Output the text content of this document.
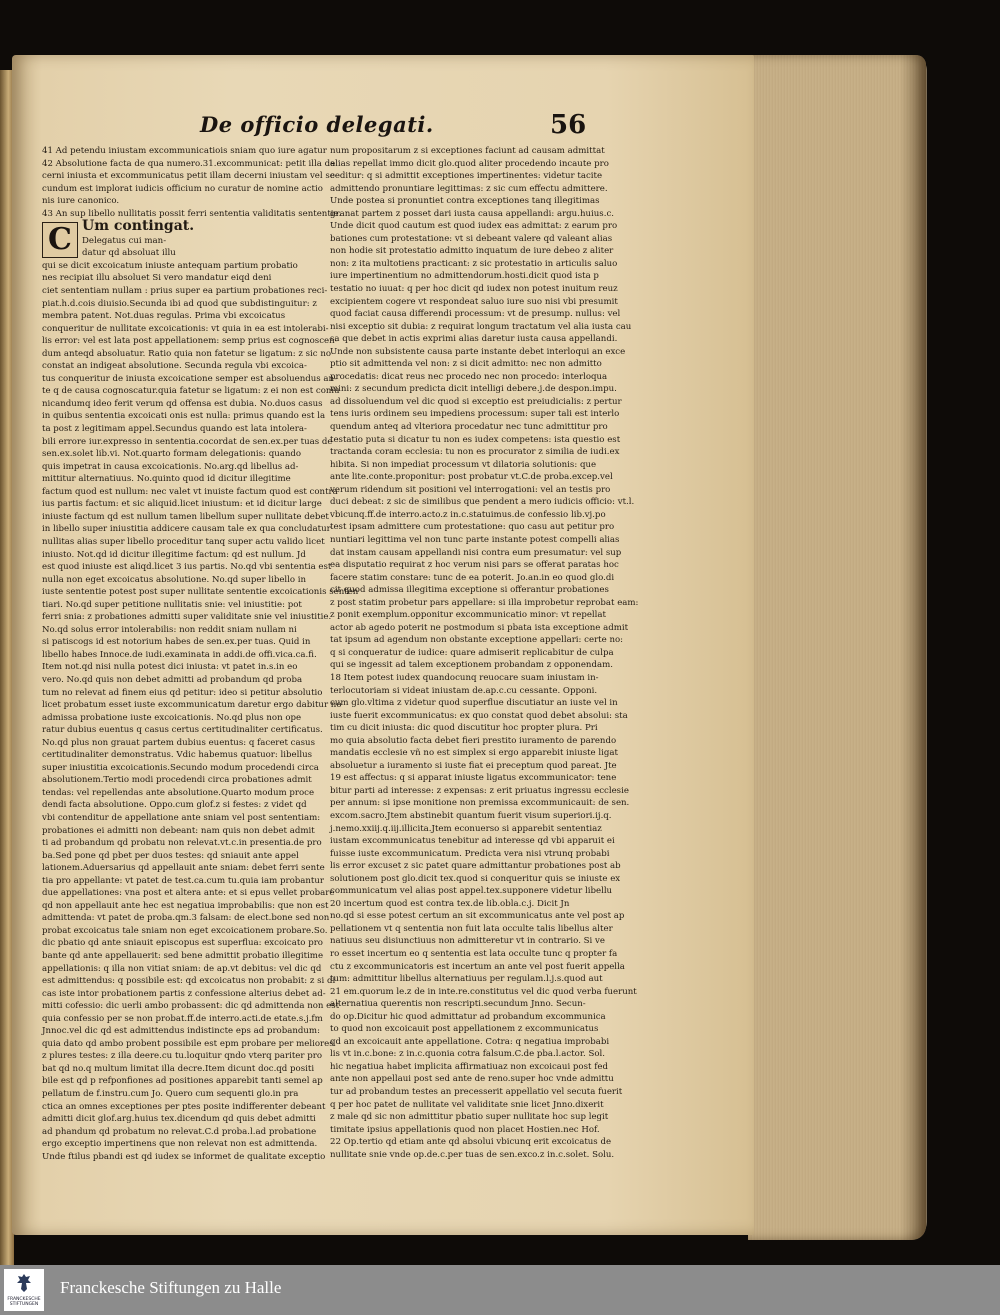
De officio delegati.	56
41 Ad petendu iniustam excommunicatiois sniam quo iure agatur
42 Absolutione facta de qua numero.31.excommunicat: petit illa de
cerni iniusta et excommunicatus petit illam decerni iniustam vel se-
cundum est implorat iudicis officium no curatur de nomine actio
nis iure canonico.
43 An sup libello nullitatis possit ferri sententia validitatis sententie.
C Um contingat.
Delegatus cui man-
datur qd absoluat illu
qui se dicit excoicatum iniuste antequam partium probatio
nes recipiat illu absoluet Si vero mandatur eiqd deni
ciet sententiam nullam : prius super ea partium probationes reci-
piat.h.d.cois diuisio.Secunda ibi ad quod que subdistinguitur: z
membra patent. Not.duas regulas. Prima vbi excoicatus
conqueritur de nullitate excoicationis: vt quia in ea est intolerabi-
lis error: vel est lata post appellationem: semp prius est cognoscen-
dum anteqd absoluatur. Ratio quia non fatetur se ligatum: z sic no
constat an indigeat absolutione. Secunda regula vbi excoica-
tus conqueritur de iniusta excoicatione semper est absoluendus an-
te q de causa cognoscatur.quia fatetur se ligatum: z ei non est comu
nicandumq ideo ferit verum qd offensa est dubia. No.duos casus
in quibus sententia excoicati onis est nulla: primus quando est la
ta post z legitimam appel.Secundus quando est lata intolera-
bili errore iur.expresso in sententia.cocordat de sen.ex.per tuas de
sen.ex.solet lib.vi. Not.quarto formam delegationis: quando
quis impetrat in causa excoicationis. No.arg.qd libellus ad-
mittitur alternatiuus. No.quinto quod id dicitur illegitime
factum quod est nullum: nec valet vt inuiste factum quod est contra
ius partis factum: et sic aliquid.licet iniustum: et id dicitur large
iniuste factum qd est nullum tamen libellum super nullitate debet
in libello super iniustitia addicere causam tale ex qua concludatur
nullitas alias super libello proceditur tanq super actu valido licet
iniusto. Not.qd id dicitur illegitime factum: qd est nullum. Jd
est quod iniuste est aliqd.licet 3 ius partis. No.qd vbi sententia est
nulla non eget excoicatus absolutione. No.qd super libello in
iuste sententie potest post super nullitate sententie excoicationis senten
tiari. No.qd super petitione nullitatis snie: vel iniustitie: pot
ferri snia: z probationes admitti super validitate snie vel iniustitie.
No.qd solus error intolerabilis: non reddit sniam nullam ni
si patiscogs id est notorium habes de sen.ex.per tuas. Quid in
libello habes Innoce.de iudi.examinata in addi.de offi.vica.ca.fi.
Item not.qd nisi nulla potest dici iniusta: vt patet in.s.in eo
vero. No.qd quis non debet admitti ad probandum qd proba
tum no relevat ad finem eius qd petitur: ideo si petitur absolutio
licet probatum esset iuste excommunicatum daretur ergo dabitur no
admissa probatione iuste excoicationis. No.qd plus non ope
ratur dubius euentus q casus certus certitudinaliter certificatus.
No.qd plus non grauat partem dubius euentus: q faceret casus
certitudinaliter demonstratus. Vdic habemus quatuor: libellus
super iniustitia excoicationis.Secundo modum procedendi circa
absolutionem.Tertio modi procedendi circa probationes admit
tendas: vel repellendas ante absolutione.Quarto modum proce
dendi facta absolutione. Oppo.cum glof.z si festes: z videt qd
vbi contenditur de appellatione ante sniam vel post sententiam:
probationes ei admitti non debeant: nam quis non debet admit
ti ad probandum qd probatu non relevat.vt.c.in presentia.de pro
ba.Sed pone qd pbet per duos testes: qd sniauit ante appel
lationem.Aduersarius qd appellauit ante sniam: debet ferri sente
tia pro appellante: vt patet de test.ca.cum tu.quia iam probantur
due appellationes: vna post et altera ante: et si epus vellet probare
qd non appellauit ante hec est negatiua improbabilis: que non est
admittenda: vt patet de proba.qm.3 falsam: de elect.bone sed non
probat excoicatus tale sniam non eget excoicationem probare.So.
dic pbatio qd ante sniauit episcopus est superflua: excoicato pro
bante qd ante appellauerit: sed bene admittit probatio illegitime
appellationis: q illa non vitiat sniam: de ap.vt debitus: vel dic qd
est admittendus: q possibile est: qd excoicatus non probabit: z si di
cas iste intor probationem partis z confessione alterius debet ad-
mitti cofessio: dic uerli ambo probassent: dic qd admittenda non est
quia confessio per se non probat.ff.de interro.acti.de etate.s.j.fm
Jnnoc.vel dic qd est admittendus indistincte eps ad probandum:
quia dato qd ambo probent possibile est epm probare per meliores
z plures testes: z illa deere.cu tu.loquitur qndo vterq pariter pro
bat qd no.q multum limitat illa decre.Item dicunt doc.qd positi
bile est qd p refponfiones ad positiones apparebit tanti semel ap
pellatum de f.instru.cum Jo. Quero cum sequenti glo.in pra
ctica an omnes exceptiones per ptes posite indifferenter debeant
admitti dicit glof.arg.huius tex.dicendum qd quis debet admitti
ad phandum qd probatum no relevat.C.d proba.l.ad probatione
ergo exceptio impertinens que non relevat non est admittenda.
Unde ftilus pbandi est qd iudex se informet de qualitate exceptio
num propositarum z si exceptiones faciunt ad causam admittat
alias repellat immo dicit glo.quod aliter procedendo incaute pro
ceditur: q si admittit exceptiones impertinentes: videtur tacite
admittendo pronuntiare legittimas: z sic cum effectu admittere.
Unde postea si pronuntiet contra exceptiones tanq illegitimas
granat partem z posset dari iusta causa appellandi: argu.huius.c.
Unde dicit quod cautum est quod iudex eas admittat: z earum pro
bationes cum protestatione: vt si debeant valere qd valeant alias
non hodie sit protestatio admitto inquatum de iure debeo z aliter
non: z ita multotiens practicant: z sic protestatio in articulis saluo
iure impertinentium no admittendorum.hosti.dicit quod ista p
testatio no iuuat: q per hoc dicit qd iudex non potest inuitum reuz
excipientem cogere vt respondeat saluo iure suo nisi vbi presumit
quod faciat causa differendi processum: vt de presump. nullus: vel
nisi exceptio sit dubia: z requirat longum tractatum vel alia iusta cau
sa que debet in actis exprimi alias daretur iusta causa appellandi.
Unde non subsistente causa parte instante debet interloqui an exce
ptio sit admittenda vel non: z si dicit admitto: nec non admitto
procedatis: dicat reus nec procedo nec non procedo: interloqua
mini: z secundum predicta dicit intelligi debere.j.de despon.impu.
ad dissoluendum vel dic quod si exceptio est preiudicialis: z pertur
tens iuris ordinem seu impediens processum: super tali est interlo
quendum anteq ad vlteriora procedatur nec tunc admittitur pro
testatio puta si dicatur tu non es iudex competens: ista questio est
tractanda coram ecclesia: tu non es procurator z similia de iudi.ex
hibita. Si non impediat processum vt dilatoria solutionis: que
ante lite.conte.proponitur: post probatur vt.C.de proba.excep.vel
verum ridendum sit positioni vel interrogationi: vel an testis pro
duci debeat: z sic de similibus que pendent a mero iudicis officio: vt.l.
vbicunq.ff.de interro.acto.z in.c.statuimus.de confessio lib.vj.po
test ipsam admittere cum protestatione: quo casu aut petitur pro
nuntiari legittima vel non tunc parte instante potest compelli alias
dat instam causam appellandi nisi contra eum presumatur: vel sup
ea disputatio requirat z hoc verum nisi pars se offerat paratas hoc
facere statim constare: tunc de ea poterit. Jo.an.in eo quod glo.di
cit quod admissa illegitima exceptione si offerantur probationes
z post statim probetur pars appellare: si illa improbetur reprobat eam:
z ponit exemplum.opponitur excommunicatio minor: vt repellat
actor ab agedo poterit ne postmodum si pbata ista exceptione admit
tat ipsum ad agendum non obstante exceptione appellari: certe no:
q si conqueratur de iudice: quare admiserit replicabitur de culpa
qui se ingessit ad talem exceptionem probandam z opponendam.
18 Item potest iudex quandocunq reuocare suam iniustam in-
terlocutoriam si videat iniustam de.ap.c.cu cessante. Opponi.
cum glo.vltima z videtur quod superflue discutiatur an iuste vel in
iuste fuerit excommunicatus: ex quo constat quod debet absolui: sta
tim cu dicit iniusta: dic quod discutitur hoc propter plura. Pri
mo quia absolutio facta debet fieri prestito iuramento de parendo
mandatis ecclesie vñ no est simplex si ergo apparebit iniuste ligat
absoluetur a iuramento si iuste fiat ei preceptum quod pareat. Jte
19 est affectus: q si apparat iniuste ligatus excommunicator: tene
bitur parti ad interesse: z expensas: z erit priuatus ingressu ecclesie
per annum: si ipse monitione non premissa excommunicauit: de sen.
excom.sacro.Jtem abstinebit quantum fuerit visum superiori.ij.q.
j.nemo.xxiij.q.iij.illicita.Jtem econuerso si apparebit sententiaz
iustam excommunicatus tenebitur ad interesse qd vbi apparuit ei
fuisse iuste excommunicatum. Predicta vera nisi vtrunq probabi
lis error excuset z sic patet quare admittantur probationes post ab
solutionem post glo.dicit tex.quod si conqueritur quis se iniuste ex
communicatum vel alias post appel.tex.supponere videtur libellu
20 incertum quod est contra tex.de lib.obla.c.j. Dicit Jn
no.qd si esse potest certum an sit excommunicatus ante vel post ap
pellationem vt q sententia non fuit lata occulte talis libellus alter
natiuus seu disiunctiuus non admitteretur vt in contrario. Si ve
ro esset incertum eo q sententia est lata occulte tunc q propter fa
ctu z excommunicatoris est incertum an ante vel post fuerit appella
tum: admittitur libellus alternatiuus per regulam.l.j.s.quod aut
21 em.quorum le.z de in inte.re.constitutus vel dic quod verba fuerunt
alternatiua querentis non rescripti.secundum Jnno. Secun-
do op.Dicitur hic quod admittatur ad probandum excommunica
to quod non excoicauit post appellationem z excommunicatus
qd an excoicauit ante appellatione. Cotra: q negatiua improbabi
lis vt in.c.bone: z in.c.quonia cotra falsum.C.de pba.l.actor. Sol.
hic negatiua habet implicita affirmatiuaz non excoicaui post fed
ante non appellaui post sed ante de reno.super hoc vnde admittu
tur ad probandum testes an precesserit appellatio vel secuta fuerit
q per hoc patet de nullitate vel validitate snie licet Jnno.dixerit
z male qd sic non admittitur pbatio super nullitate hoc sup legit
timitate ipsius appellationis quod non placet Hostien.nec Hof.
22 Op.tertio qd etiam ante qd absolui vbicunq erit excoicatus de
nullitate snie vnde op.de.c.per tuas de sen.exco.z in.c.solet. Solu.
FRANCKESCHE STIFTUNGEN
Franckesche Stiftungen zu Halle
